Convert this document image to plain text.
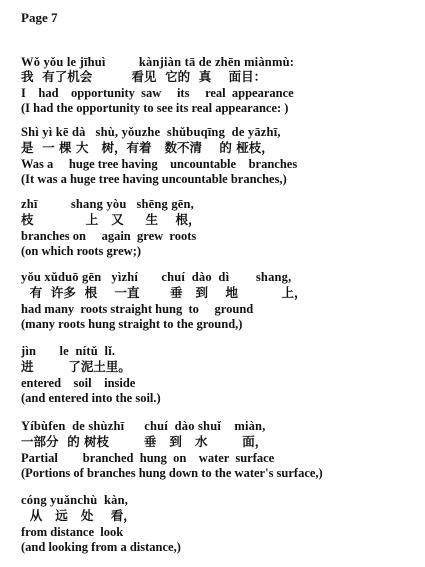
Page 7
Wǒ yǒu le jīhuì          kànjiàn tā de zhēn miànmù:
我  有了机会         看见  它的  真    面目：
I    had    opportunity  saw     its     real  appearance
(I had the opportunity to see its real appearance: )
Shì yì kē dà   shù, yǒuzhe  shǔbuqīng  de yāzhī,
是  一 棵 大   树，有着   数不清    的 桠枝，
Was a     huge tree having    uncountable    branches
(It was a huge tree having uncountable branches,)
zhī          shang yòu   shēng gēn,
枝            上   又     生    根，
branches on     again  grew  roots
(on which roots grew;)
yǒu xǔduō gēn   yìzhí       chuí  dào  dì        shang,
有  许多  根    一直       垂   到    地          上，
had many  roots straight hung  to     ground
(many roots hung straight to the ground,)
jìn       le  nítǔ  lǐ.
进        了泥土里。
entered    soil    inside
(and entered into the soil.)
Yíbùfen  de shùzhī      chuí  dào shuǐ    miàn,
一部分  的 树枝        垂   到   水        面，
Partial        branched  hung  on    water  surface
(Portions of branches hung down to the water's surface,)
cóng yuǎnchù  kàn,
从   远   处    看，
from distance  look
(and looking from a distance,)
